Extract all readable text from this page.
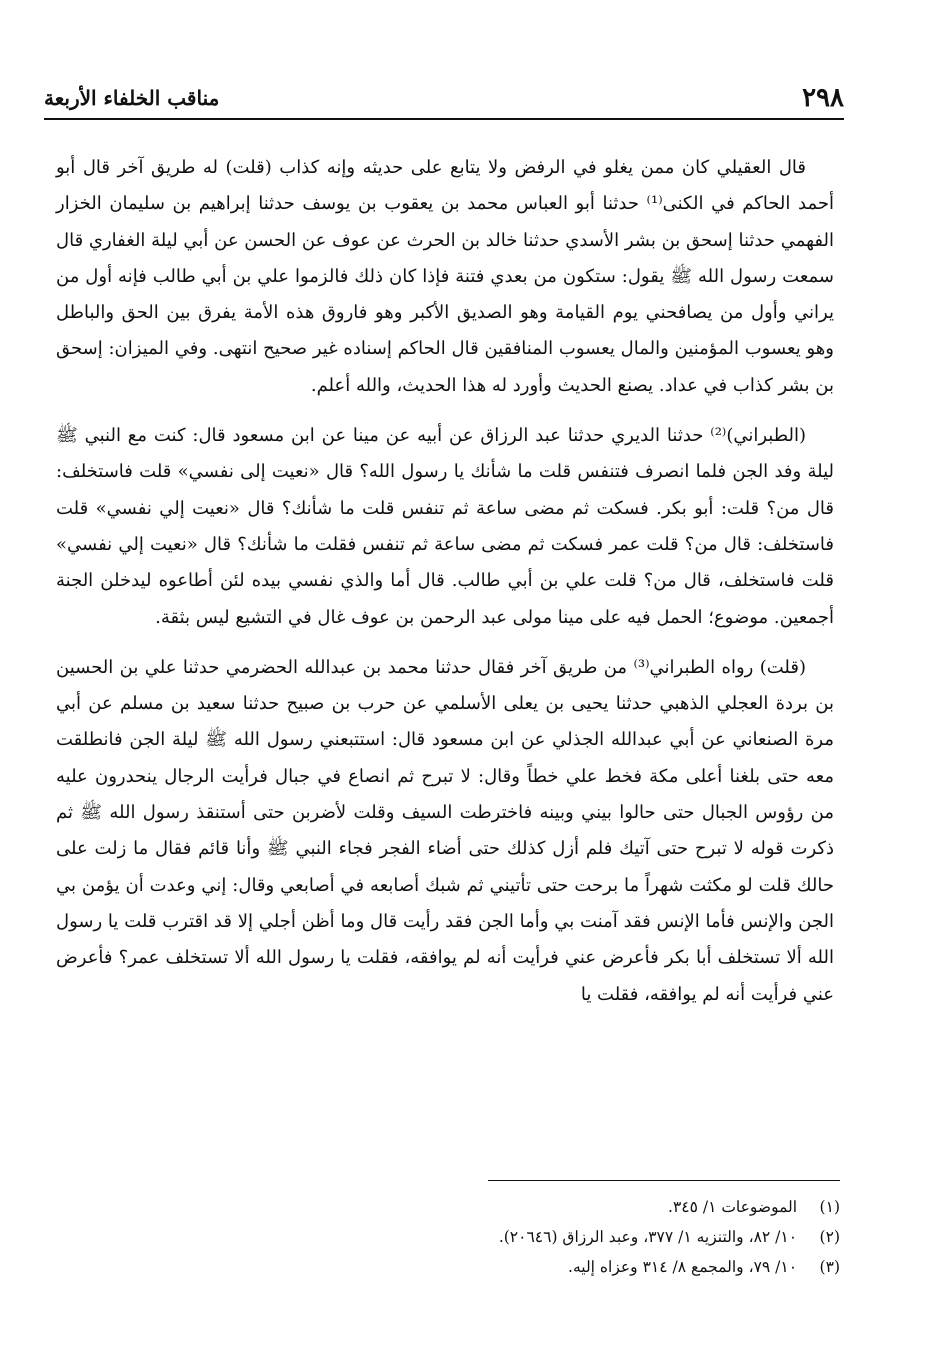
٢٩٨
مناقب الخلفاء الأربعة

قال العقيلي كان ممن يغلو في الرفض ولا يتابع على حديثه وإنه كذاب (قلت) له طريق آخر قال أبو أحمد الحاكم في الكنى⁽¹⁾ حدثنا أبو العباس محمد بن يعقوب بن يوسف حدثنا إبراهيم بن سليمان الخزار الفهمي حدثنا إسحق بن بشر الأسدي حدثنا خالد بن الحرث عن عوف عن الحسن عن أبي ليلة الغفاري قال سمعت رسول الله ﷺ يقول: ستكون من بعدي فتنة فإذا كان ذلك فالزموا علي بن أبي طالب فإنه أول من يراني وأول من يصافحني يوم القيامة وهو الصديق الأكبر وهو فاروق هذه الأمة يفرق بين الحق والباطل وهو يعسوب المؤمنين والمال يعسوب المنافقين قال الحاكم إسناده غير صحيح انتهى. وفي الميزان: إسحق بن بشر كذاب في عداد. يصنع الحديث وأورد له هذا الحديث، والله أعلم.

(الطبراني)⁽²⁾ حدثنا الديري حدثنا عبد الرزاق عن أبيه عن مينا عن ابن مسعود قال: كنت مع النبي ﷺ ليلة وفد الجن فلما انصرف فتنفس قلت ما شأنك يا رسول الله؟ قال «نعيت إلى نفسي» قلت فاستخلف: قال من؟ قلت: أبو بكر. فسكت ثم مضى ساعة ثم تنفس قلت ما شأنك؟ قال «نعيت إلي نفسي» قلت فاستخلف: قال من؟ قلت عمر فسكت ثم مضى ساعة ثم تنفس فقلت ما شأنك؟ قال «نعيت إلي نفسي» قلت فاستخلف، قال من؟ قلت علي بن أبي طالب. قال أما والذي نفسي بيده لئن أطاعوه ليدخلن الجنة أجمعين. موضوع؛ الحمل فيه على مينا مولى عبد الرحمن بن عوف غال في التشيع ليس بثقة.

(قلت) رواه الطبراني⁽³⁾ من طريق آخر فقال حدثنا محمد بن عبدالله الحضرمي حدثنا علي بن الحسين بن بردة العجلي الذهبي حدثنا يحيى بن يعلى الأسلمي عن حرب بن صبيح حدثنا سعيد بن مسلم عن أبي مرة الصنعاني عن أبي عبدالله الجذلي عن ابن مسعود قال: استتبعني رسول الله ﷺ ليلة الجن فانطلقت معه حتى بلغنا أعلى مكة فخط علي خطاً وقال: لا تبرح ثم انصاع في جبال فرأيت الرجال ينحدرون عليه من رؤوس الجبال حتى حالوا بيني وبينه فاخترطت السيف وقلت لأضربن حتى أستنقذ رسول الله ﷺ ثم ذكرت قوله لا تبرح حتى آتيك فلم أزل كذلك حتى أضاء الفجر فجاء النبي ﷺ وأنا قائم فقال ما زلت على حالك قلت لو مكثت شهراً ما برحت حتى تأتيني ثم شبك أصابعه في أصابعي وقال: إني وعدت أن يؤمن بي الجن والإنس فأما الإنس فقد آمنت بي وأما الجن فقد رأيت قال وما أظن أجلي إلا قد اقترب قلت يا رسول الله ألا تستخلف أبا بكر فأعرض عني فرأيت أنه لم يوافقه، فقلت يا رسول الله ألا تستخلف عمر؟ فأعرض عني فرأيت أنه لم يوافقه، فقلت يا

(١) الموضوعات ١/ ٣٤٥.
(٢) ١٠/ ٨٢، والتنزيه ١/ ٣٧٧، وعبد الرزاق (٢٠٦٤٦).
(٣) ١٠/ ٧٩، والمجمع ٨/ ٣١٤ وعزاه إليه.
